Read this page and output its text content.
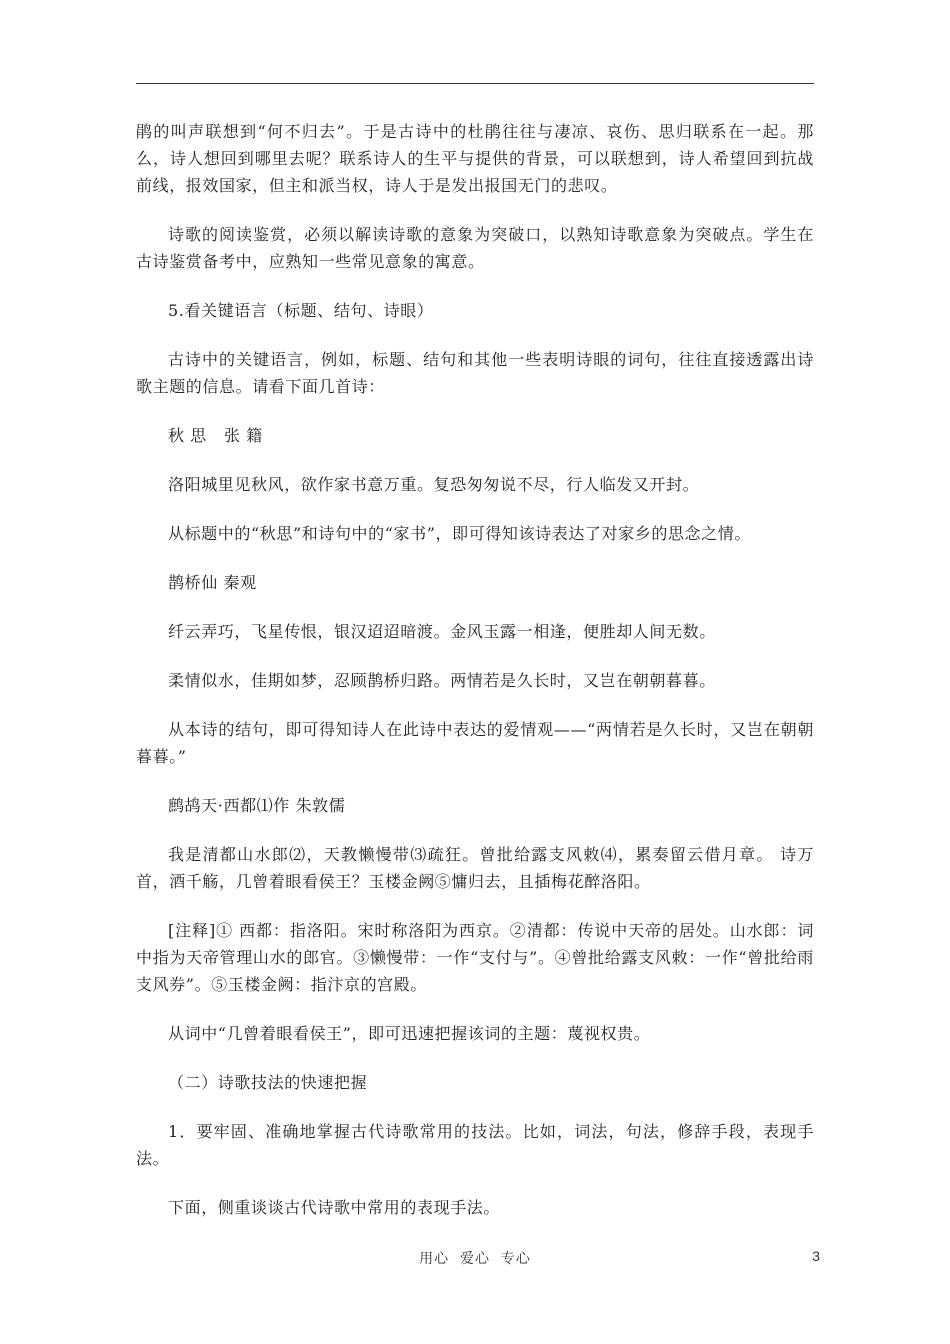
鹃的叫声联想到“何不归去”。于是古诗中的杜鹃往往与凄凉、哀伤、思归联系在一起。那么，诗人想回到哪里去呢？联系诗人的生平与提供的背景，可以联想到，诗人希望回到抗战前线，报效国家，但主和派当权，诗人于是发出报国无门的悲叹。

诗歌的阅读鉴赏，必须以解读诗歌的意象为突破口，以熟知诗歌意象为突破点。学生在古诗鉴赏备考中，应熟知一些常见意象的寓意。

5.看关键语言（标题、结句、诗眼）

古诗中的关键语言，例如，标题、结句和其他一些表明诗眼的词句，往往直接透露出诗歌主题的信息。请看下面几首诗：

秋 思   张 籍

洛阳城里见秋风，欲作家书意万重。复恐匆匆说不尽，行人临发又开封。

从标题中的“秋思”和诗句中的“家书”，即可得知该诗表达了对家乡的思念之情。

鹊桥仙 秦观

纤云弄巧，飞星传恨，银汉迢迢暗渡。金风玉露一相逢，便胜却人间无数。

柔情似水，佳期如梦，忍顾鹊桥归路。两情若是久长时，又岂在朝朝暮暮。

从本诗的结句，即可得知诗人在此诗中表达的爱情观——“两情若是久长时，又岂在朝朝暮暮。”

鹧鸪天·西都⑴作 朱敦儒

我是清都山水郎⑵，天教懒慢带⑶疏狂。曾批给露支风敕⑷，累奏留云借月章。 诗万首，酒千觞，几曾着眼看侯王？玉楼金阙⑤慵归去，且插梅花醉洛阳。

[注释]① 西都：指洛阳。宋时称洛阳为西京。②清都：传说中天帝的居处。山水郎：词中指为天帝管理山水的郎官。③懒慢带：一作“支付与”。④曾批给露支风敕：一作“曾批给雨支风券”。⑤玉楼金阙：指汴京的宫殿。

从词中“几曾着眼看侯王”，即可迅速把握该词的主题：蔑视权贵。

（二）诗歌技法的快速把握

1．要牢固、准确地掌握古代诗歌常用的技法。比如，词法，句法，修辞手段，表现手法。

下面，侧重谈谈古代诗歌中常用的表现手法。

用心  爱心  专心	3
